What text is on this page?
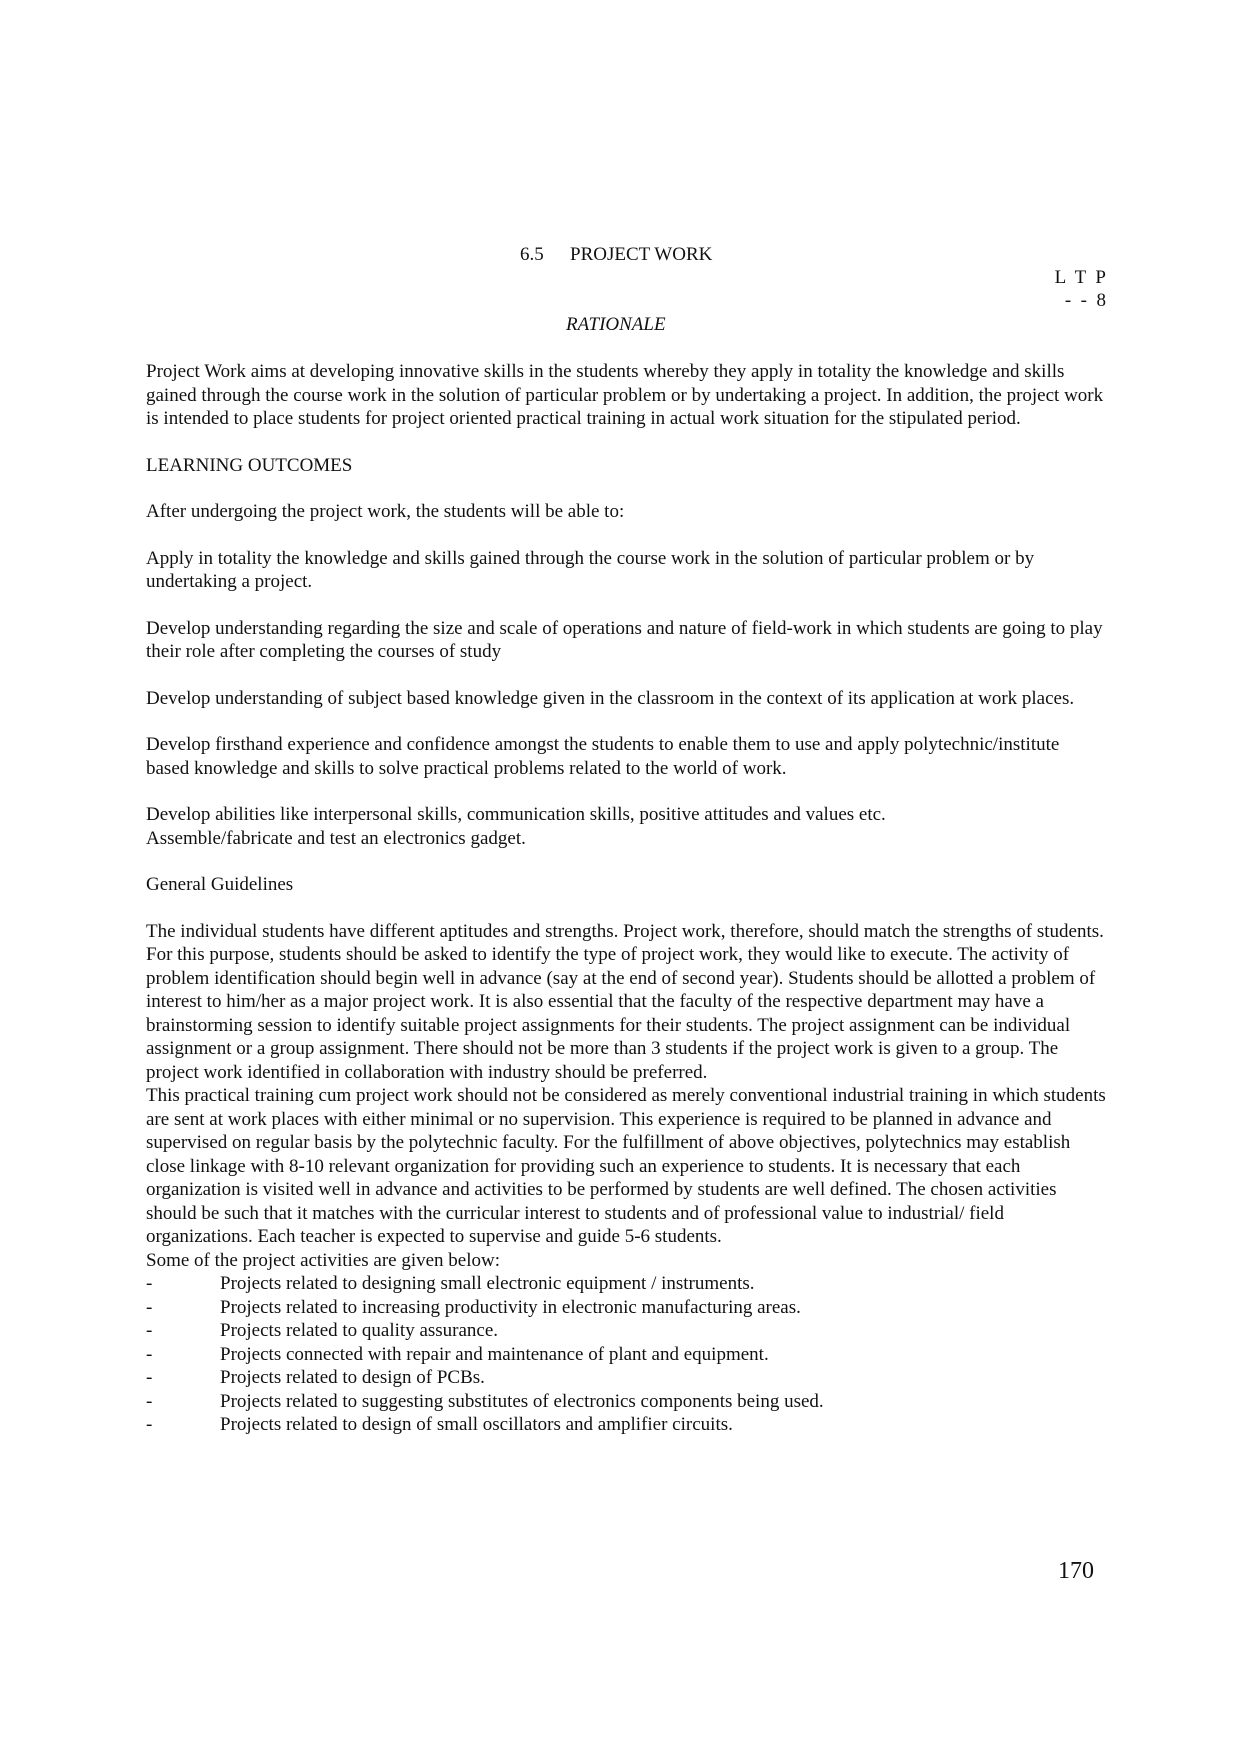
6.5 PROJECT WORK
L  T  P
-  -  8
RATIONALE

Project Work aims at developing innovative skills in the students whereby they apply in totality the knowledge and skills gained through the course work in the solution of particular problem or by undertaking a project. In addition, the project work is intended to place students for project oriented practical training in actual work situation for the stipulated period.

LEARNING OUTCOMES

After undergoing the project work, the students will be able to:

Apply in totality the knowledge and skills gained through the course work in the solution of particular problem or by undertaking a project.

Develop understanding regarding the size and scale of operations and nature of field-work in which students are going to play their role after completing the courses of study

Develop understanding of subject based knowledge given in the classroom in the context of its application at work places.

Develop firsthand experience and confidence amongst the students to enable them to use and apply polytechnic/institute based knowledge and skills to solve practical problems related to the world of work.

Develop abilities like interpersonal skills, communication skills, positive attitudes and values etc.

Assemble/fabricate and test an electronics gadget.

General Guidelines

The individual students have different aptitudes and strengths. Project work, therefore, should match the strengths of students. For this purpose, students should be asked to identify the type of project work, they would like to execute. The activity of problem identification should begin well in advance (say at the end of second year). Students should be allotted a problem of interest to him/her as a major project work. It is also essential that the faculty of the respective department may have a brainstorming session to identify suitable project assignments for their students. The project assignment can be individual assignment or a group assignment. There should not be more than 3 students if the project work is given to a group. The project work identified in collaboration with industry should be preferred.

This practical training cum project work should not be considered as merely conventional industrial training in which students are sent at work places with either minimal or no supervision. This experience is required to be planned in advance and supervised on regular basis by the polytechnic faculty. For the fulfillment of above objectives, polytechnics may establish close linkage with 8-10 relevant organization for providing such an experience to students. It is necessary that each organization is visited well in advance and activities to be performed by students are well defined. The chosen activities should be such that it matches with the curricular interest to students and of professional value to industrial/ field organizations. Each teacher is expected to supervise and guide 5-6 students.

Some of the project activities are given below:

-	Projects related to designing small electronic equipment / instruments.
-	Projects related to increasing productivity in electronic manufacturing areas.
-	Projects related to quality assurance.
-	Projects connected with repair and maintenance of plant and equipment.
-	Projects related to design of PCBs.
-	Projects related to suggesting substitutes of electronics components being used.
-	Projects related to design of small oscillators and amplifier circuits.
170
